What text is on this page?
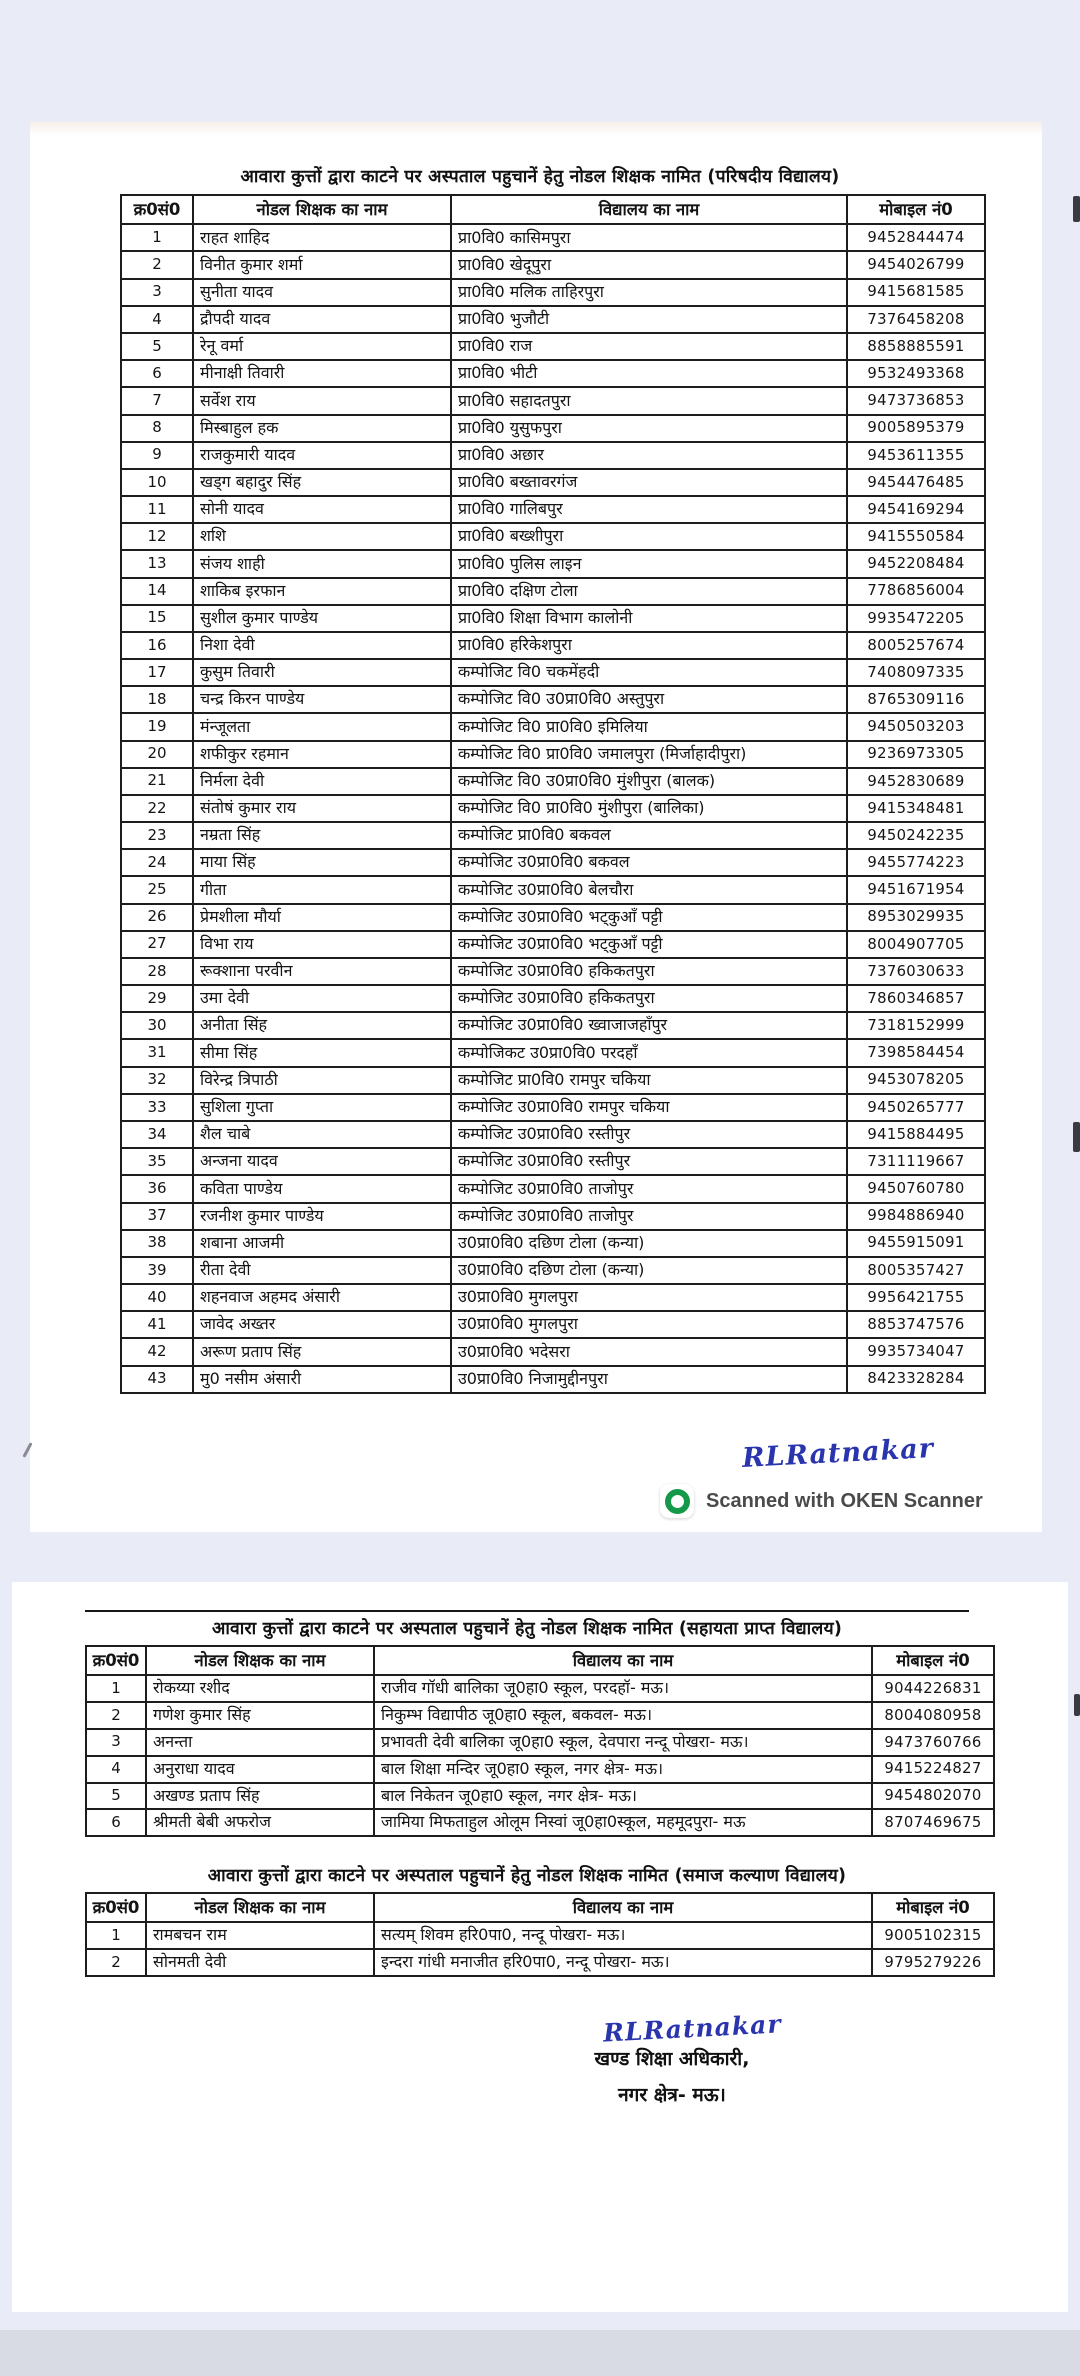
आवारा कुत्तों द्वारा काटने पर अस्पताल पहुचानें हेतु नोडल शिक्षक नामित (परिषदीय विद्यालय)
क्र0सं0	नोडल शिक्षक का नाम	विद्यालय का नाम	मोबाइल नं0
1	राहत शाहिद	प्रा0वि0 कासिमपुरा	9452844474
2	विनीत कुमार शर्मा	प्रा0वि0 खेदूपुरा	9454026799
3	सुनीता यादव	प्रा0वि0 मलिक ताहिरपुरा	9415681585
4	द्रौपदी यादव	प्रा0वि0 भुजौटी	7376458208
5	रेनू वर्मा	प्रा0वि0 राज	8858885591
6	मीनाक्षी तिवारी	प्रा0वि0 भीटी	9532493368
7	सर्वेश राय	प्रा0वि0 सहादतपुरा	9473736853
8	मिस्बाहुल हक	प्रा0वि0 युसुफपुरा	9005895379
9	राजकुमारी यादव	प्रा0वि0 अछार	9453611355
10	खड्ग बहादुर सिंह	प्रा0वि0 बख्तावरगंज	9454476485
11	सोनी यादव	प्रा0वि0 गालिबपुर	9454169294
12	शशि	प्रा0वि0 बख्शीपुरा	9415550584
13	संजय शाही	प्रा0वि0 पुलिस लाइन	9452208484
14	शाकिब इरफान	प्रा0वि0 दक्षिण टोला	7786856004
15	सुशील कुमार पाण्डेय	प्रा0वि0 शिक्षा विभाग कालोनी	9935472205
16	निशा देवी	प्रा0वि0 हरिकेशपुरा	8005257674
17	कुसुम तिवारी	कम्पोजिट वि0 चकमेंहदी	7408097335
18	चन्द्र किरन पाण्डेय	कम्पोजिट वि0 उ0प्रा0वि0 अस्तुपुरा	8765309116
19	मंन्जूलता	कम्पोजिट वि0 प्रा0वि0 इमिलिया	9450503203
20	शफीकुर रहमान	कम्पोजिट वि0 प्रा0वि0 जमालपुरा (मिर्जाहादीपुरा)	9236973305
21	निर्मला देवी	कम्पोजिट वि0 उ0प्रा0वि0 मुंशीपुरा (बालक)	9452830689
22	संतोषं कुमार राय	कम्पोजिट वि0 प्रा0वि0 मुंशीपुरा (बालिका)	9415348481
23	नम्रता सिंह	कम्पोजिट प्रा0वि0 बकवल	9450242235
24	माया सिंह	कम्पोजिट उ0प्रा0वि0 बकवल	9455774223
25	गीता	कम्पोजिट उ0प्रा0वि0 बेलचौरा	9451671954
26	प्रेमशीला मौर्या	कम्पोजिट उ0प्रा0वि0 भट्कुआँ पट्टी	8953029935
27	विभा राय	कम्पोजिट उ0प्रा0वि0 भट्कुआँ पट्टी	8004907705
28	रूक्शाना परवीन	कम्पोजिट उ0प्रा0वि0 हकिकतपुरा	7376030633
29	उमा देवी	कम्पोजिट उ0प्रा0वि0 हकिकतपुरा	7860346857
30	अनीता सिंह	कम्पोजिट उ0प्रा0वि0 ख्वाजाजहाँपुर	7318152999
31	सीमा सिंह	कम्पोजिकट उ0प्रा0वि0 परदहाँ	7398584454
32	विरेन्द्र त्रिपाठी	कम्पोजिट प्रा0वि0 रामपुर चकिया	9453078205
33	सुशिला गुप्ता	कम्पोजिट उ0प्रा0वि0 रामपुर चकिया	9450265777
34	शैल चाबे	कम्पोजिट उ0प्रा0वि0 रस्तीपुर	9415884495
35	अन्जना यादव	कम्पोजिट उ0प्रा0वि0 रस्तीपुर	7311119667
36	कविता पाण्डेय	कम्पोजिट उ0प्रा0वि0 ताजोपुर	9450760780
37	रजनीश कुमार पाण्डेय	कम्पोजिट उ0प्रा0वि0 ताजोपुर	9984886940
38	शबाना आजमी	उ0प्रा0वि0 दछिण टोला (कन्या)	9455915091
39	रीता देवी	उ0प्रा0वि0 दछिण टोला (कन्या)	8005357427
40	शहनवाज अहमद अंसारी	उ0प्रा0वि0 मुगलपुरा	9956421755
41	जावेद अख्तर	उ0प्रा0वि0 मुगलपुरा	8853747576
42	अरूण प्रताप सिंह	उ0प्रा0वि0 भदेसरा	9935734047
43	मु0 नसीम अंसारी	उ0प्रा0वि0 निजामुद्दीनपुरा	8423328284
RLRatnakar
Scanned with OKEN Scanner
आवारा कुत्तों द्वारा काटने पर अस्पताल पहुचानें हेतु नोडल शिक्षक नामित (सहायता प्राप्त विद्यालय)
क्र0सं0	नोडल शिक्षक का नाम	विद्यालय का नाम	मोबाइल नं0
1	रोकय्या रशीद	राजीव गॉधी बालिका जू0हा0 स्कूल, परदहॉ- मऊ।	9044226831
2	गणेश कुमार सिंह	निकुम्भ विद्यापीठ जू0हा0 स्कूल, बकवल- मऊ।	8004080958
3	अनन्ता	प्रभावती देवी बालिका जू0हा0 स्कूल, देवपारा नन्दू पोखरा- मऊ।	9473760766
4	अनुराधा यादव	बाल शिक्षा मन्दिर जू0हा0 स्कूल, नगर क्षेत्र- मऊ।	9415224827
5	अखण्ड प्रताप सिंह	बाल निकेतन जू0हा0 स्कूल, नगर क्षेत्र- मऊ।	9454802070
6	श्रीमती बेबी अफरोज	जामिया मिफताहुल ओलूम निस्वां जू0हा0स्कूल, महमूदपुरा- मऊ	8707469675
आवारा कुत्तों द्वारा काटने पर अस्पताल पहुचानें हेतु नोडल शिक्षक नामित (समाज कल्याण विद्यालय)
क्र0सं0	नोडल शिक्षक का नाम	विद्यालय का नाम	मोबाइल नं0
1	रामबचन राम	सत्यम् शिवम हरि0पा0, नन्दू पोखरा- मऊ।	9005102315
2	सोनमती देवी	इन्दरा गांधी मनाजीत हरि0पा0, नन्दू पोखरा- मऊ।	9795279226
RLRatnakar
खण्ड शिक्षा अधिकारी,
नगर क्षेत्र- मऊ।
